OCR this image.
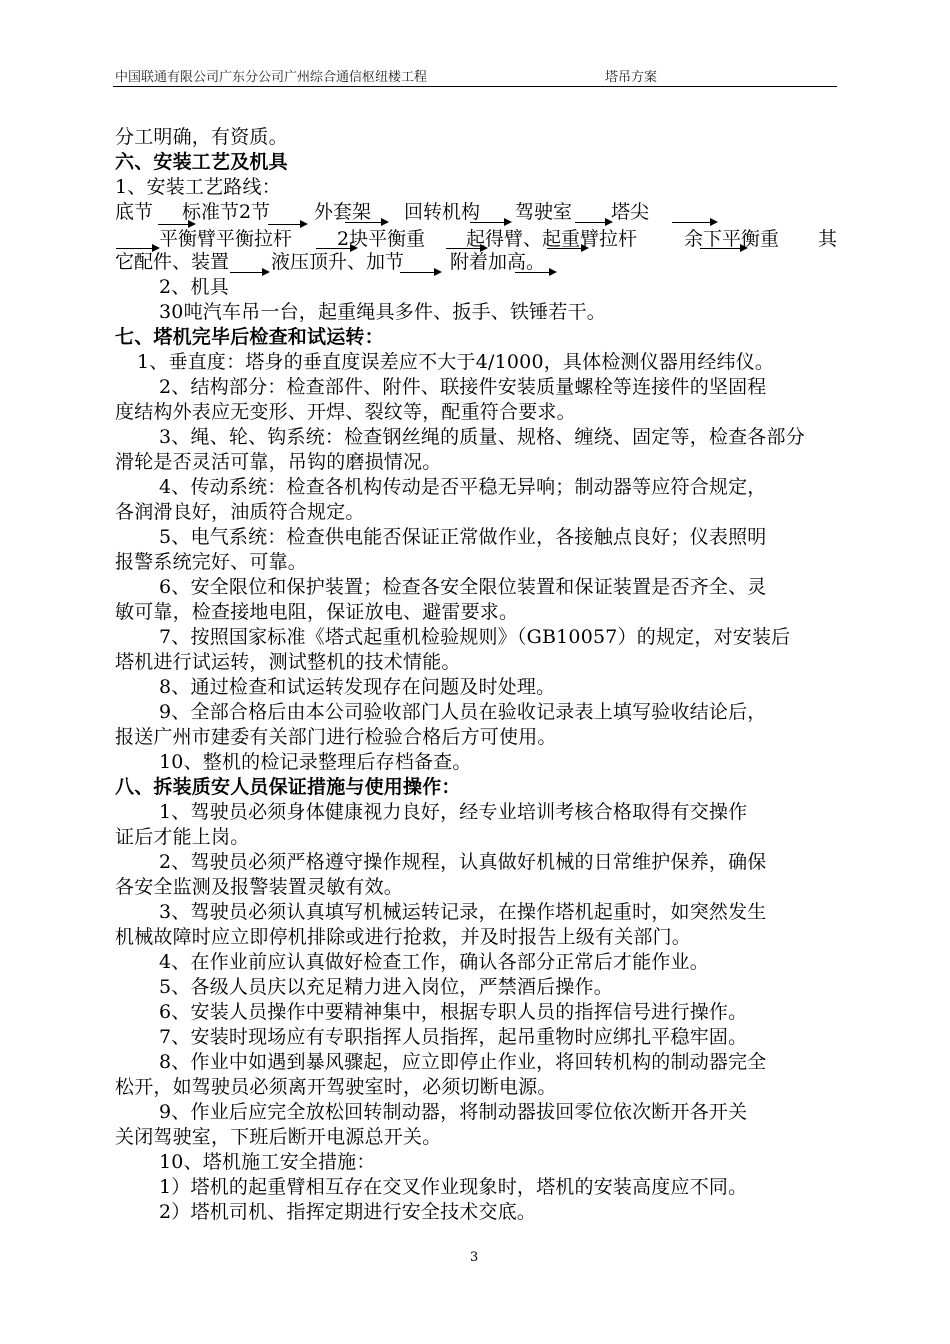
中国联通有限公司广东分公司广州综合通信枢纽楼工程	塔吊方案
分工明确，有资质。
六、安装工艺及机具
1、安装工艺路线：
底节 标准节2节 外套架 回转机构 驾驶室 塔尖
平衡臂平衡拉杆 2块平衡重 起得臂、起重臂拉杆 余下平衡重 其
它配件、装置 液压顶升、加节 附着加高。
2、机具
30吨汽车吊一台，起重绳具多件、扳手、铁锤若干。
七、塔机完毕后检查和试运转：
1、垂直度：塔身的垂直度误差应不大于4/1000，具体检测仪器用经纬仪。
2、结构部分：检查部件、附件、联接件安装质量螺栓等连接件的坚固程
度结构外表应无变形、开焊、裂纹等，配重符合要求。
3、绳、轮、钩系统：检查钢丝绳的质量、规格、缠绕、固定等，检查各部分
滑轮是否灵活可靠，吊钩的磨损情况。
4、传动系统：检查各机构传动是否平稳无异响；制动器等应符合规定，
各润滑良好，油质符合规定。
5、电气系统：检查供电能否保证正常做作业，各接触点良好；仪表照明
报警系统完好、可靠。
6、安全限位和保护装置；检查各安全限位装置和保证装置是否齐全、灵
敏可靠，检查接地电阻，保证放电、避雷要求。
7、按照国家标准《塔式起重机检验规则》（GB10057）的规定，对安装后
塔机进行试运转，测试整机的技术情能。
8、通过检查和试运转发现存在问题及时处理。
9、全部合格后由本公司验收部门人员在验收记录表上填写验收结论后，
报送广州市建委有关部门进行检验合格后方可使用。
10、整机的检记录整理后存档备查。
八、拆装质安人员保证措施与使用操作：
1、驾驶员必须身体健康视力良好，经专业培训考核合格取得有交操作
证后才能上岗。
2、驾驶员必须严格遵守操作规程，认真做好机械的日常维护保养，确保
各安全监测及报警装置灵敏有效。
3、驾驶员必须认真填写机械运转记录，在操作塔机起重时，如突然发生
机械故障时应立即停机排除或进行抢救，并及时报告上级有关部门。
4、在作业前应认真做好检查工作，确认各部分正常后才能作业。
5、各级人员庆以充足精力进入岗位，严禁酒后操作。
6、安装人员操作中要精神集中，根据专职人员的指挥信号进行操作。
7、安装时现场应有专职指挥人员指挥，起吊重物时应绑扎平稳牢固。
8、作业中如遇到暴风骤起，应立即停止作业，将回转机构的制动器完全
松开，如驾驶员必须离开驾驶室时，必须切断电源。
9、作业后应完全放松回转制动器，将制动器拔回零位依次断开各开关
关闭驾驶室，下班后断开电源总开关。
10、塔机施工安全措施：
1）塔机的起重臂相互存在交叉作业现象时，塔机的安装高度应不同。
2）塔机司机、指挥定期进行安全技术交底。
3
